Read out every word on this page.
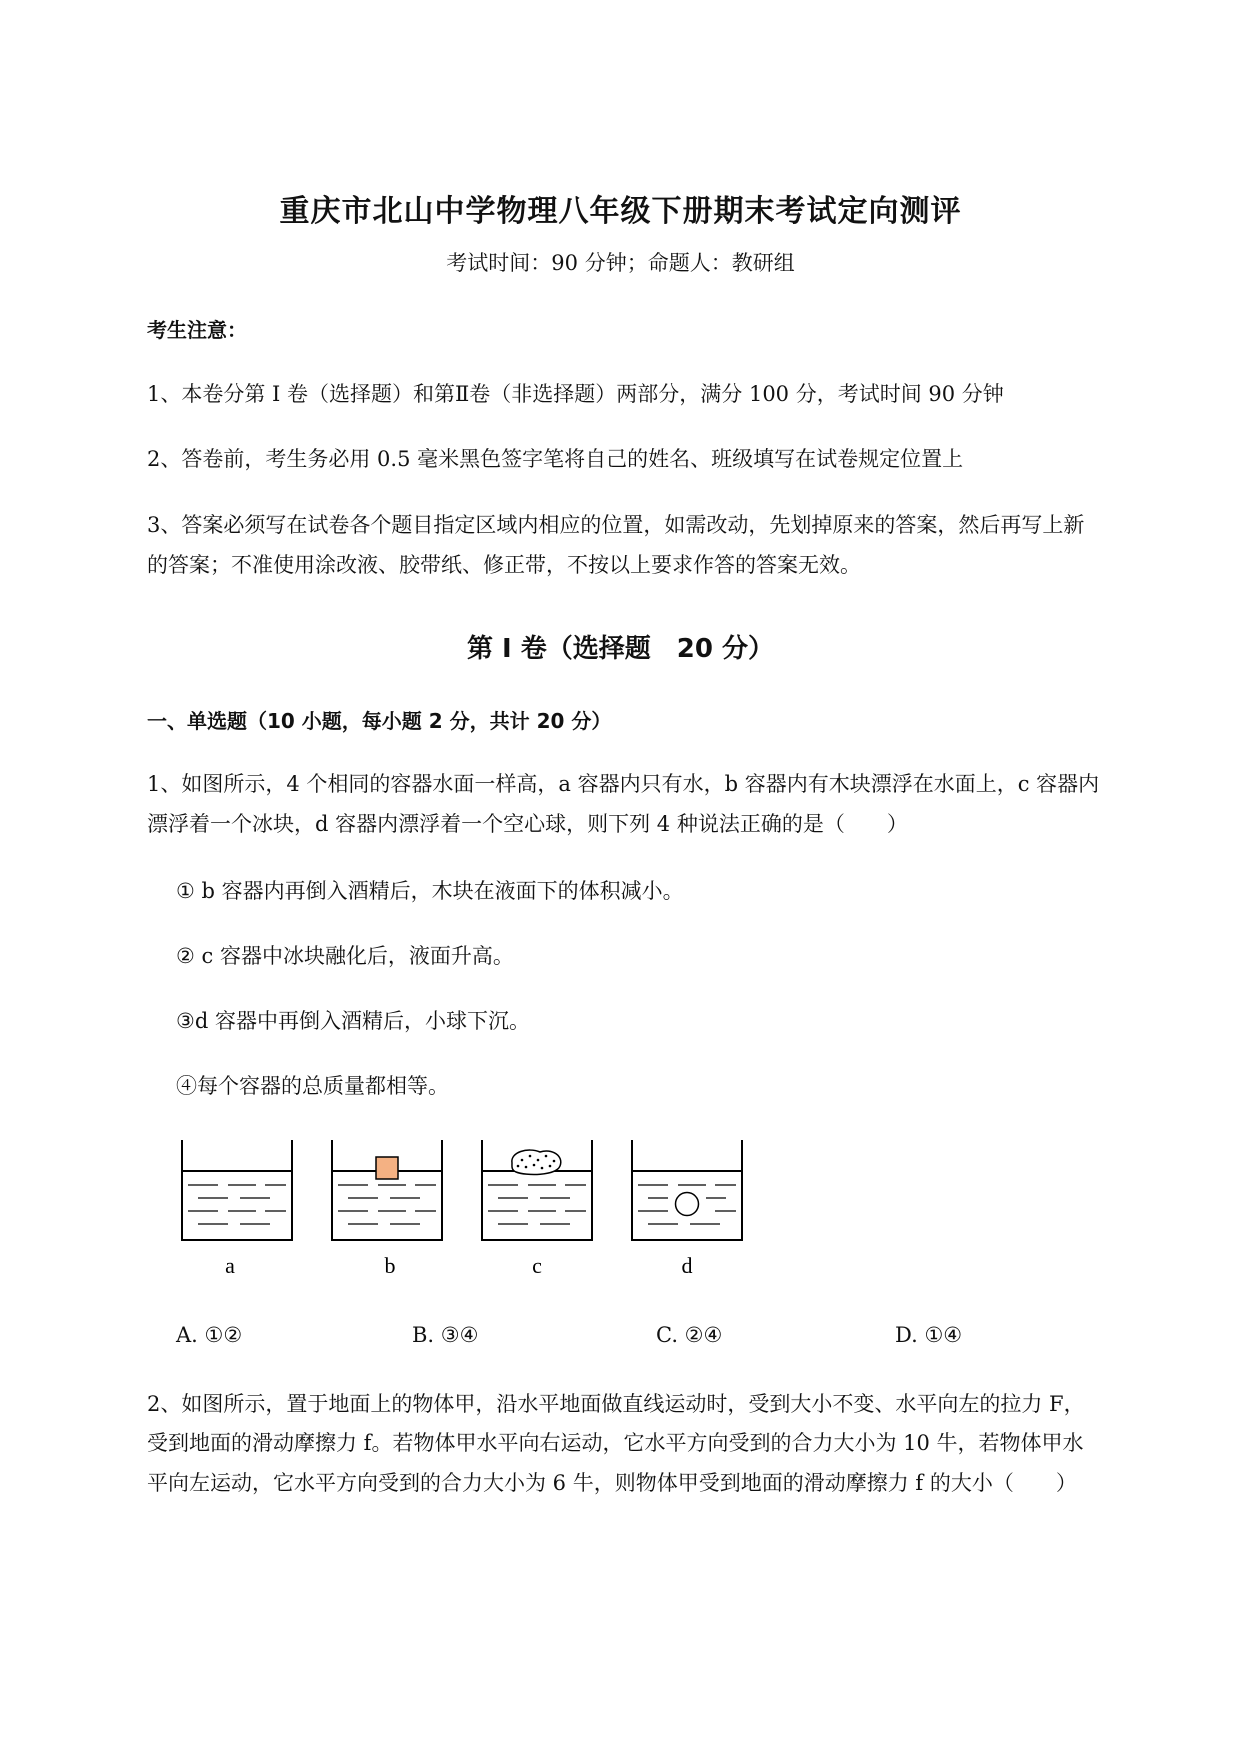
重庆市北山中学物理八年级下册期末考试定向测评
考试时间：90 分钟；命题人：教研组
考生注意：
1、本卷分第 I 卷（选择题）和第Ⅱ卷（非选择题）两部分，满分 100 分，考试时间 90 分钟
2、答卷前，考生务必用 0.5 毫米黑色签字笔将自己的姓名、班级填写在试卷规定位置上
3、答案必须写在试卷各个题目指定区域内相应的位置，如需改动，先划掉原来的答案，然后再写上新
的答案；不准使用涂改液、胶带纸、修正带，不按以上要求作答的答案无效。
第 I 卷（选择题　20 分）
一、单选题（10 小题，每小题 2 分，共计 20 分）
1、如图所示，4 个相同的容器水面一样高，a 容器内只有水，b 容器内有木块漂浮在水面上，c 容器内
漂浮着一个冰块，d 容器内漂浮着一个空心球，则下列 4 种说法正确的是（　　）
① b 容器内再倒入酒精后，木块在液面下的体积减小。
② c 容器中冰块融化后，液面升高。
③d 容器中再倒入酒精后，小球下沉。
④每个容器的总质量都相等。
a	b	c	d
A. ①②	B. ③④	C. ②④	D. ①④
2、如图所示，置于地面上的物体甲，沿水平地面做直线运动时，受到大小不变、水平向左的拉力 F，
受到地面的滑动摩擦力 f。若物体甲水平向右运动，它水平方向受到的合力大小为 10 牛，若物体甲水
平向左运动，它水平方向受到的合力大小为 6 牛，则物体甲受到地面的滑动摩擦力 f 的大小（　　）
